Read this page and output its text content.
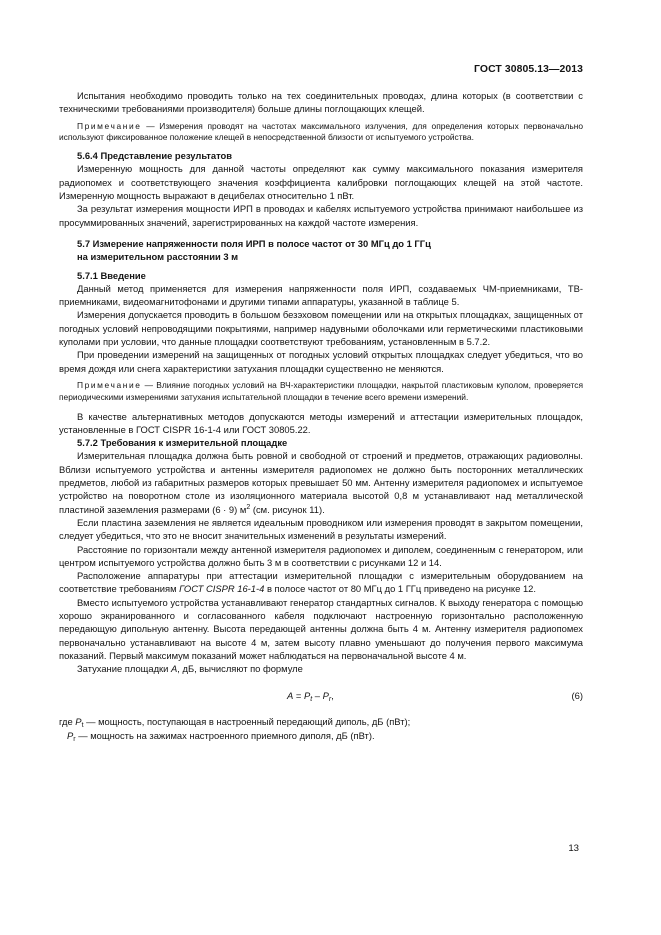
ГОСТ 30805.13—2013

Испытания необходимо проводить только на тех соединительных проводах, длина которых (в соответствии с техническими требованиями производителя) больше длины поглощающих клещей.

Примечание — Измерения проводят на частотах максимального излучения, для определения которых первоначально используют фиксированное положение клещей в непосредственной близости от испытуемого устройства.

5.6.4 Представление результатов

Измеренную мощность для данной частоты определяют как сумму максимального показания измерителя радиопомех и соответствующего значения коэффициента калибровки поглощающих клещей на этой частоте. Измеренную мощность выражают в децибелах относительно 1 пВт.

За результат измерения мощности ИРП в проводах и кабелях испытуемого устройства принимают наибольшее из просуммированных значений, зарегистрированных на каждой частоте измерения.

5.7 Измерение напряженности поля ИРП в полосе частот от 30 МГц до 1 ГГц
на измерительном расстоянии 3 м
5.7.1 Введение

Данный метод применяется для измерения напряженности поля ИРП, создаваемых ЧМ-приемниками, ТВ-приемниками, видеомагнитофонами и другими типами аппаратуры, указанной в таблице 5.

Измерения допускается проводить в большом безэховом помещении или на открытых площадках, защищенных от погодных условий непроводящими покрытиями, например надувными оболочками или герметическими пластиковыми куполами при условии, что данные площадки соответствуют требованиям, установленным в 5.7.2.

При проведении измерений на защищенных от погодных условий открытых площадках следует убедиться, что во время дождя или снега характеристики затухания площадки существенно не меняются.

Примечание — Влияние погодных условий на ВЧ-характеристики площадки, накрытой пластиковым куполом, проверяется периодическими измерениями затухания испытательной площадки в течение всего времени измерений.

В качестве альтернативных методов допускаются методы измерений и аттестации измерительных площадок, установленные в ГОСТ CISPR 16-1-4 или ГОСТ 30805.22.

5.7.2 Требования к измерительной площадке

Измерительная площадка должна быть ровной и свободной от строений и предметов, отражающих радиоволны. Вблизи испытуемого устройства и антенны измерителя радиопомех не должно быть посторонних металлических предметов, любой из габаритных размеров которых превышает 50 мм. Антенну измерителя радиопомех и испытуемое устройство на поворотном столе из изоляционного материала высотой 0,8 м устанавливают над металлической пластиной заземления размерами (6 · 9) $м^2$ (см. рисунок 11).

Если пластина заземления не является идеальным проводником или измерения проводят в закрытом помещении, следует убедиться, что это не вносит значительных изменений в результаты измерений.

Расстояние по горизонтали между антенной измерителя радиопомех и диполем, соединенным с генератором, или центром испытуемого устройства должно быть 3 м в соответствии с рисунками 12 и 14.

Расположение аппаратуры при аттестации измерительной площадки с измерительным оборудованием на соответствие требованиям ГОСТ CISPR 16-1-4 в полосе частот от 80 МГц до 1 ГГц приведено на рисунке 12.

Вместо испытуемого устройства устанавливают генератор стандартных сигналов. К выходу генератора с помощью хорошо экранированного и согласованного кабеля подключают настроенную горизонтально расположенную передающую дипольную антенну. Высота передающей антенны должна быть 4 м. Антенну измерителя радиопомех первоначально устанавливают на высоте 4 м, затем высоту плавно уменьшают до получения первого максимума показаний. Первый максимум показаний может наблюдаться на первоначальной высоте 4 м.

Затухание площадки A, дБ, вычисляют по формуле

$A = P_t - P_r$,	(6)

где $P_t$ — мощность, поступающая в настроенный передающий диполь, дБ (пВт);

$P_r$ — мощность на зажимах настроенного приемного диполя, дБ (пВт).

13
